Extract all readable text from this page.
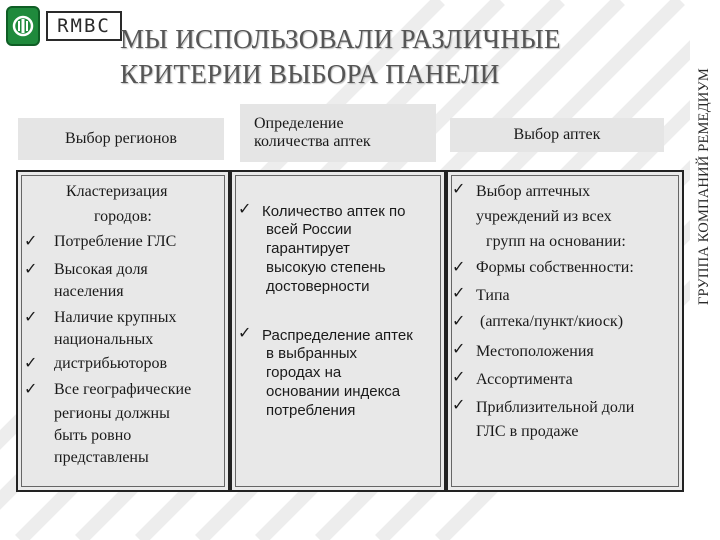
RMBC МЫ ИСПОЛЬЗОВАЛИ РАЗЛИЧНЫЕ
КРИТЕРИИ ВЫБОРА ПАНЕЛИ	ГРУППА КОМПАНИЙ РЕМЕДИУМ
Выбор регионов
Определение
количества аптек	Выбор аптек
Кластеризация
городов:
✓ Потребление ГЛС
✓ Высокая доля
населения
✓ Наличие крупных
национальных
✓ дистрибьюторов
✓ Все географические
регионы должны
быть ровно
представлены
✓ Количество аптек по
всей России
гарантирует
высокую степень
достоверности
✓ Распределение аптек
в выбранных
городах на
основании индекса
потребления
✓ Выбор аптечных
учреждений из всех
групп на основании:
✓ Формы собственности:
✓ Типа
✓ (аптека/пункт/киоск)
✓ Местоположения
✓ Ассортимента
✓ Приблизительной доли
ГЛС в продаже
